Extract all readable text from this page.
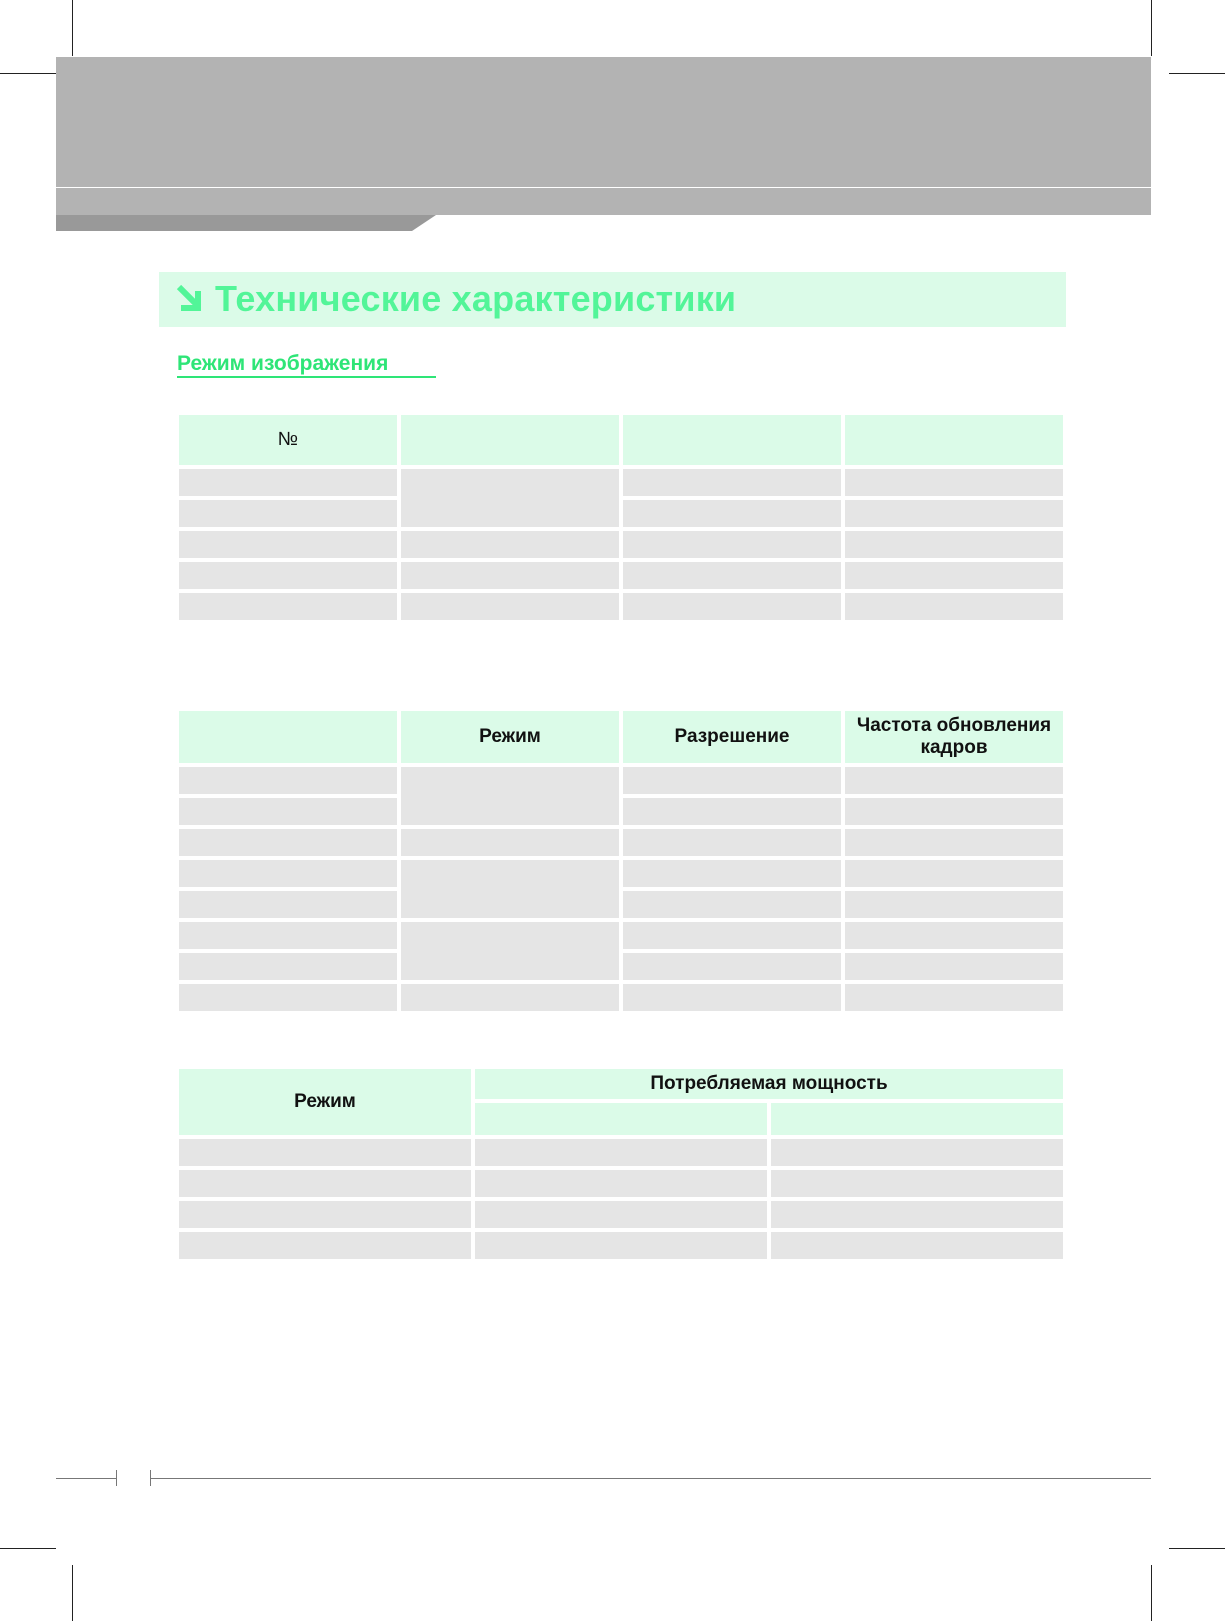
Технические характеристики
Режим изображения
№			

	Режим	Разрешение	Частота обновления кадров

Режим	Потребляемая мощность	
